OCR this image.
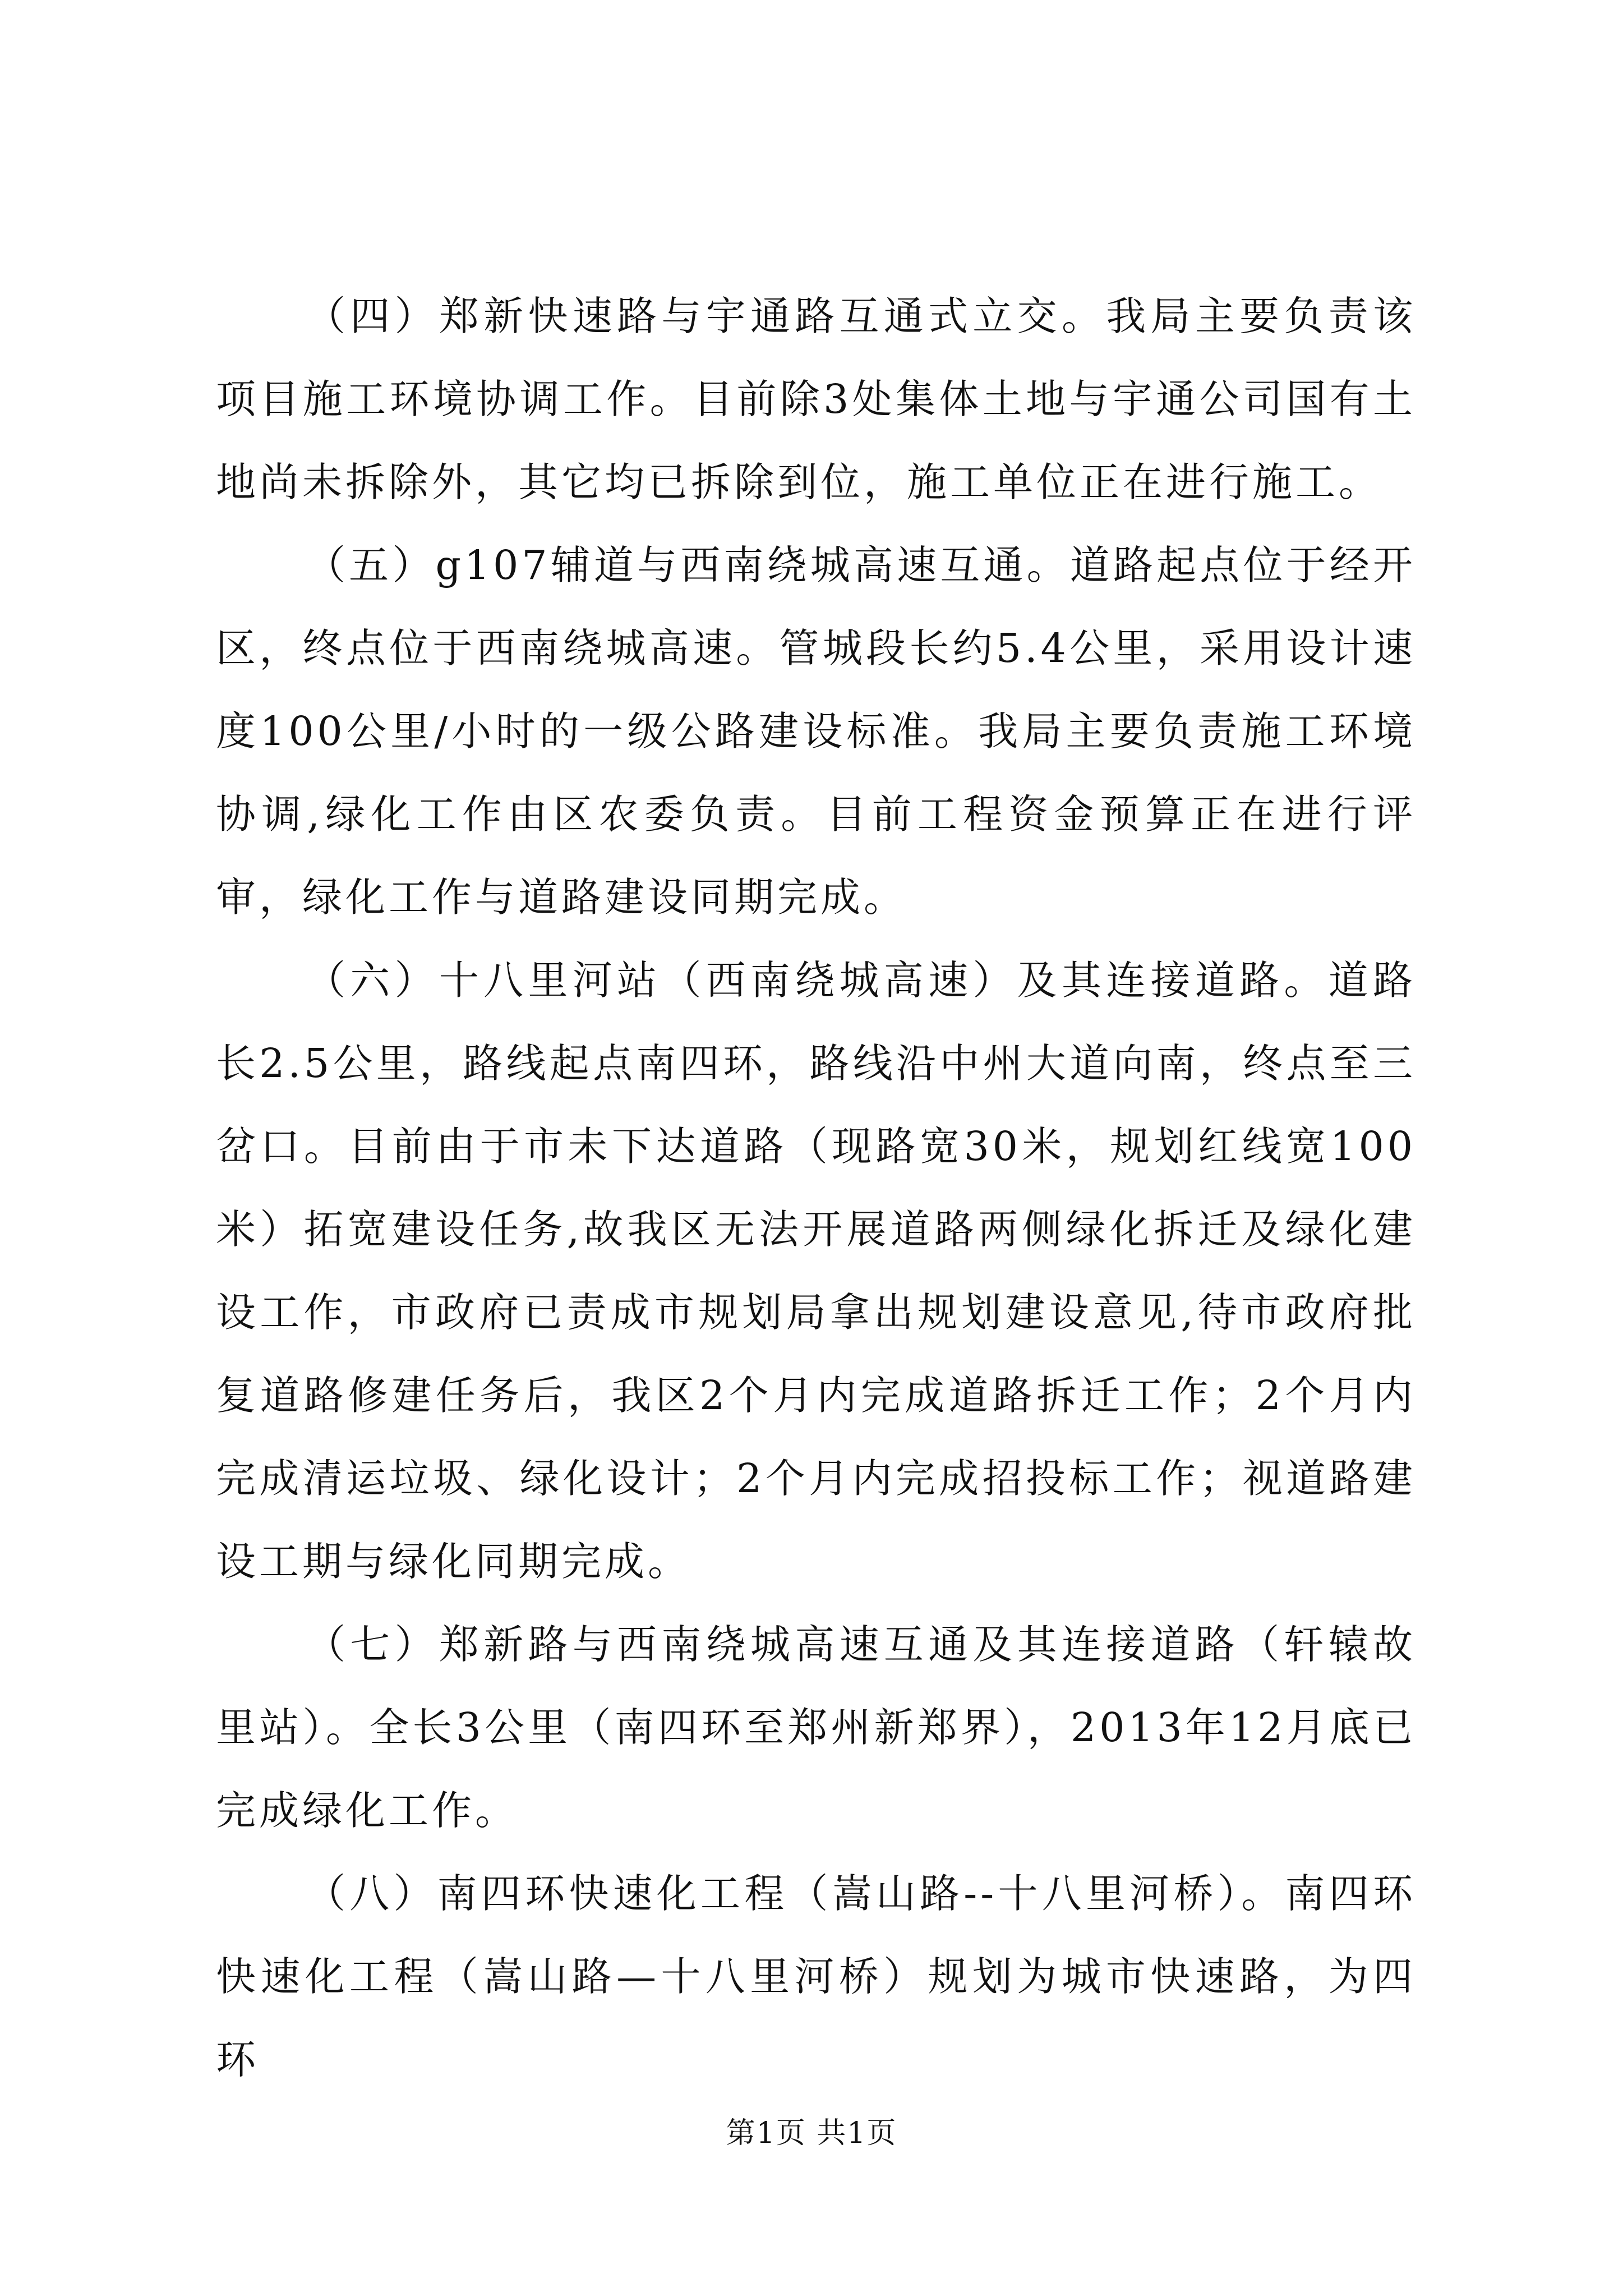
（四）郑新快速路与宇通路互通式立交。我局主要负责该项目施工环境协调工作。目前除3处集体土地与宇通公司国有土地尚未拆除外，其它均已拆除到位，施工单位正在进行施工。

（五）g107辅道与西南绕城高速互通。道路起点位于经开区，终点位于西南绕城高速。管城段长约5.4公里，采用设计速度100公里/小时的一级公路建设标准。我局主要负责施工环境协调,绿化工作由区农委负责。目前工程资金预算正在进行评审，绿化工作与道路建设同期完成。

（六）十八里河站（西南绕城高速）及其连接道路。道路长2.5公里，路线起点南四环，路线沿中州大道向南，终点至三岔口。目前由于市未下达道路（现路宽30米，规划红线宽100米）拓宽建设任务,故我区无法开展道路两侧绿化拆迁及绿化建设工作，市政府已责成市规划局拿出规划建设意见,待市政府批复道路修建任务后，我区2个月内完成道路拆迁工作；2个月内完成清运垃圾、绿化设计；2个月内完成招投标工作；视道路建设工期与绿化同期完成。

（七）郑新路与西南绕城高速互通及其连接道路（轩辕故里站）。全长3公里（南四环至郑州新郑界），2013年12月底已完成绿化工作。

（八）南四环快速化工程（嵩山路--十八里河桥）。南四环快速化工程（嵩山路—十八里河桥）规划为城市快速路，为四环

第1页 共1页
